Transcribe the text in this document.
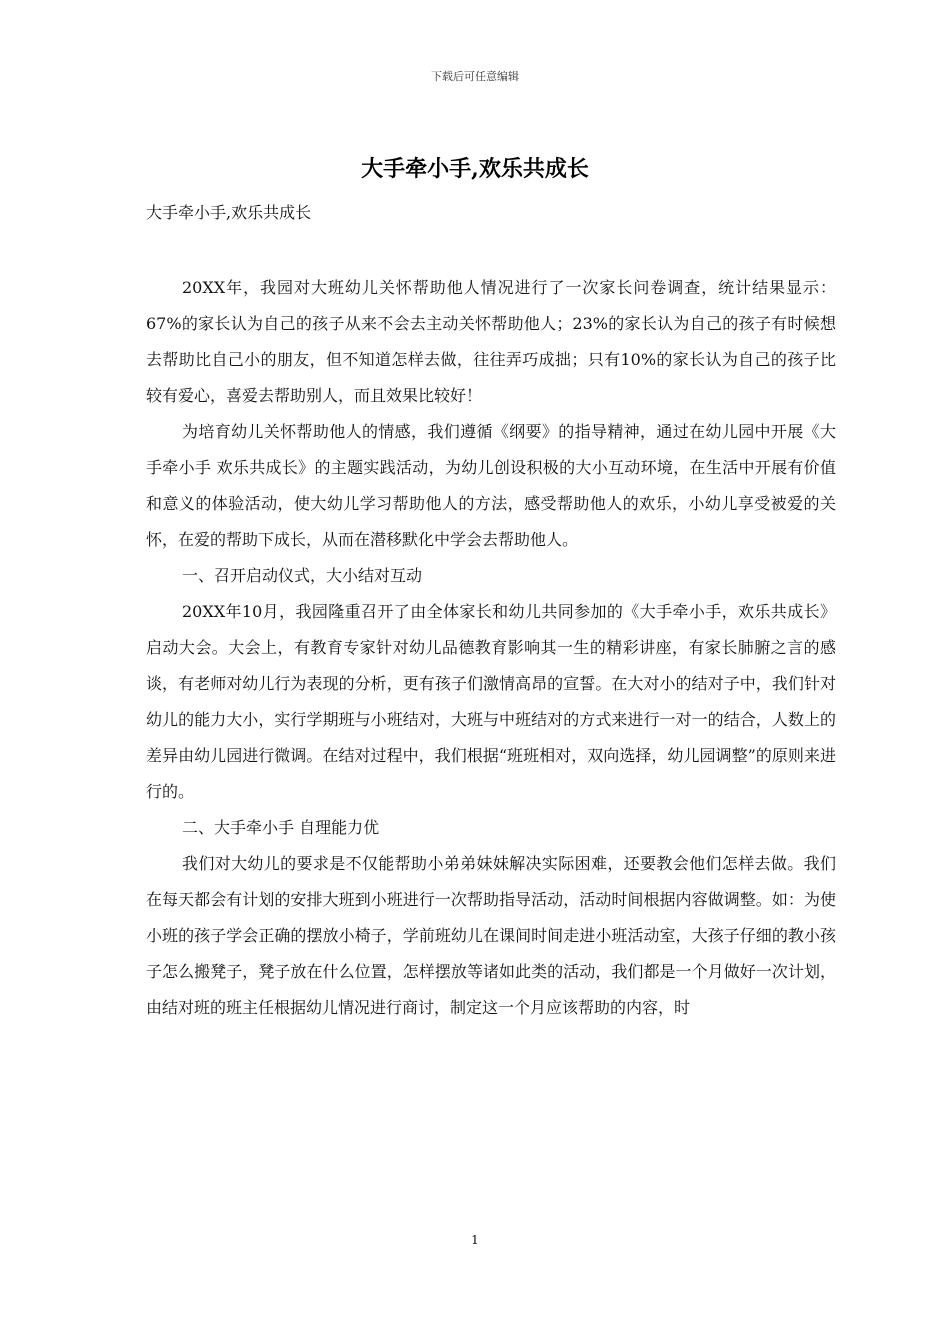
下载后可任意编辑
大手牵小手,欢乐共成长
大手牵小手,欢乐共成长

20XX年，我园对大班幼儿关怀帮助他人情况进行了一次家长问卷调查，统计结果显示：67%的家长认为自己的孩子从来不会去主动关怀帮助他人；23%的家长认为自己的孩子有时候想去帮助比自己小的朋友，但不知道怎样去做，往往弄巧成拙；只有10%的家长认为自己的孩子比较有爱心，喜爱去帮助别人，而且效果比较好！

为培育幼儿关怀帮助他人的情感，我们遵循《纲要》的指导精神，通过在幼儿园中开展《大手牵小手 欢乐共成长》的主题实践活动，为幼儿创设积极的大小互动环境，在生活中开展有价值和意义的体验活动，使大幼儿学习帮助他人的方法，感受帮助他人的欢乐，小幼儿享受被爱的关怀，在爱的帮助下成长，从而在潜移默化中学会去帮助他人。

一、召开启动仪式，大小结对互动

20XX年10月，我园隆重召开了由全体家长和幼儿共同参加的《大手牵小手，欢乐共成长》启动大会。大会上，有教育专家针对幼儿品德教育影响其一生的精彩讲座，有家长肺腑之言的感谈，有老师对幼儿行为表现的分析，更有孩子们激情高昂的宣誓。在大对小的结对子中，我们针对幼儿的能力大小，实行学期班与小班结对，大班与中班结对的方式来进行一对一的结合，人数上的差异由幼儿园进行微调。在结对过程中，我们根据“班班相对，双向选择，幼儿园调整”的原则来进行的。

二、大手牵小手 自理能力优

我们对大幼儿的要求是不仅能帮助小弟弟妹妹解决实际困难，还要教会他们怎样去做。我们在每天都会有计划的安排大班到小班进行一次帮助指导活动，活动时间根据内容做调整。如：为使小班的孩子学会正确的摆放小椅子，学前班幼儿在课间时间走进小班活动室，大孩子仔细的教小孩子怎么搬凳子，凳子放在什么位置，怎样摆放等诸如此类的活动，我们都是一个月做好一次计划，由结对班的班主任根据幼儿情况进行商讨，制定这一个月应该帮助的内容，时

1
